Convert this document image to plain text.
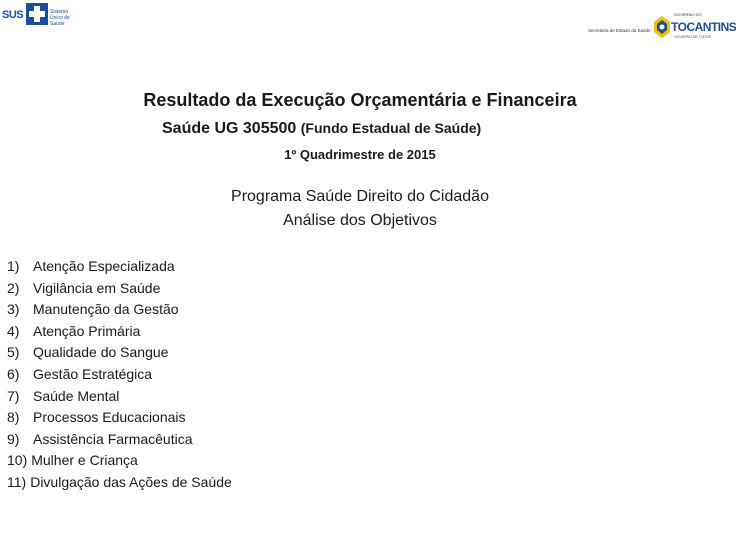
SUS	Sistema Único de Saúde
Secretaria de Estado da Saúde
GOVERNO DO
TOCANTINS
GOVERNO DE TODOS
Resultado da Execução Orçamentária e Financeira
Saúde UG 305500 (Fundo Estadual de Saúde)
1º Quadrimestre de 2015
Programa Saúde Direito do Cidadão
Análise dos Objetivos
1) Atenção Especializada
2) Vigilância em Saúde
3) Manutenção da Gestão
4) Atenção Primária
5) Qualidade do Sangue
6) Gestão Estratégica
7) Saúde Mental
8) Processos Educacionais
9) Assistência Farmacêutica
10) Mulher e Criança
11) Divulgação das Ações de Saúde
